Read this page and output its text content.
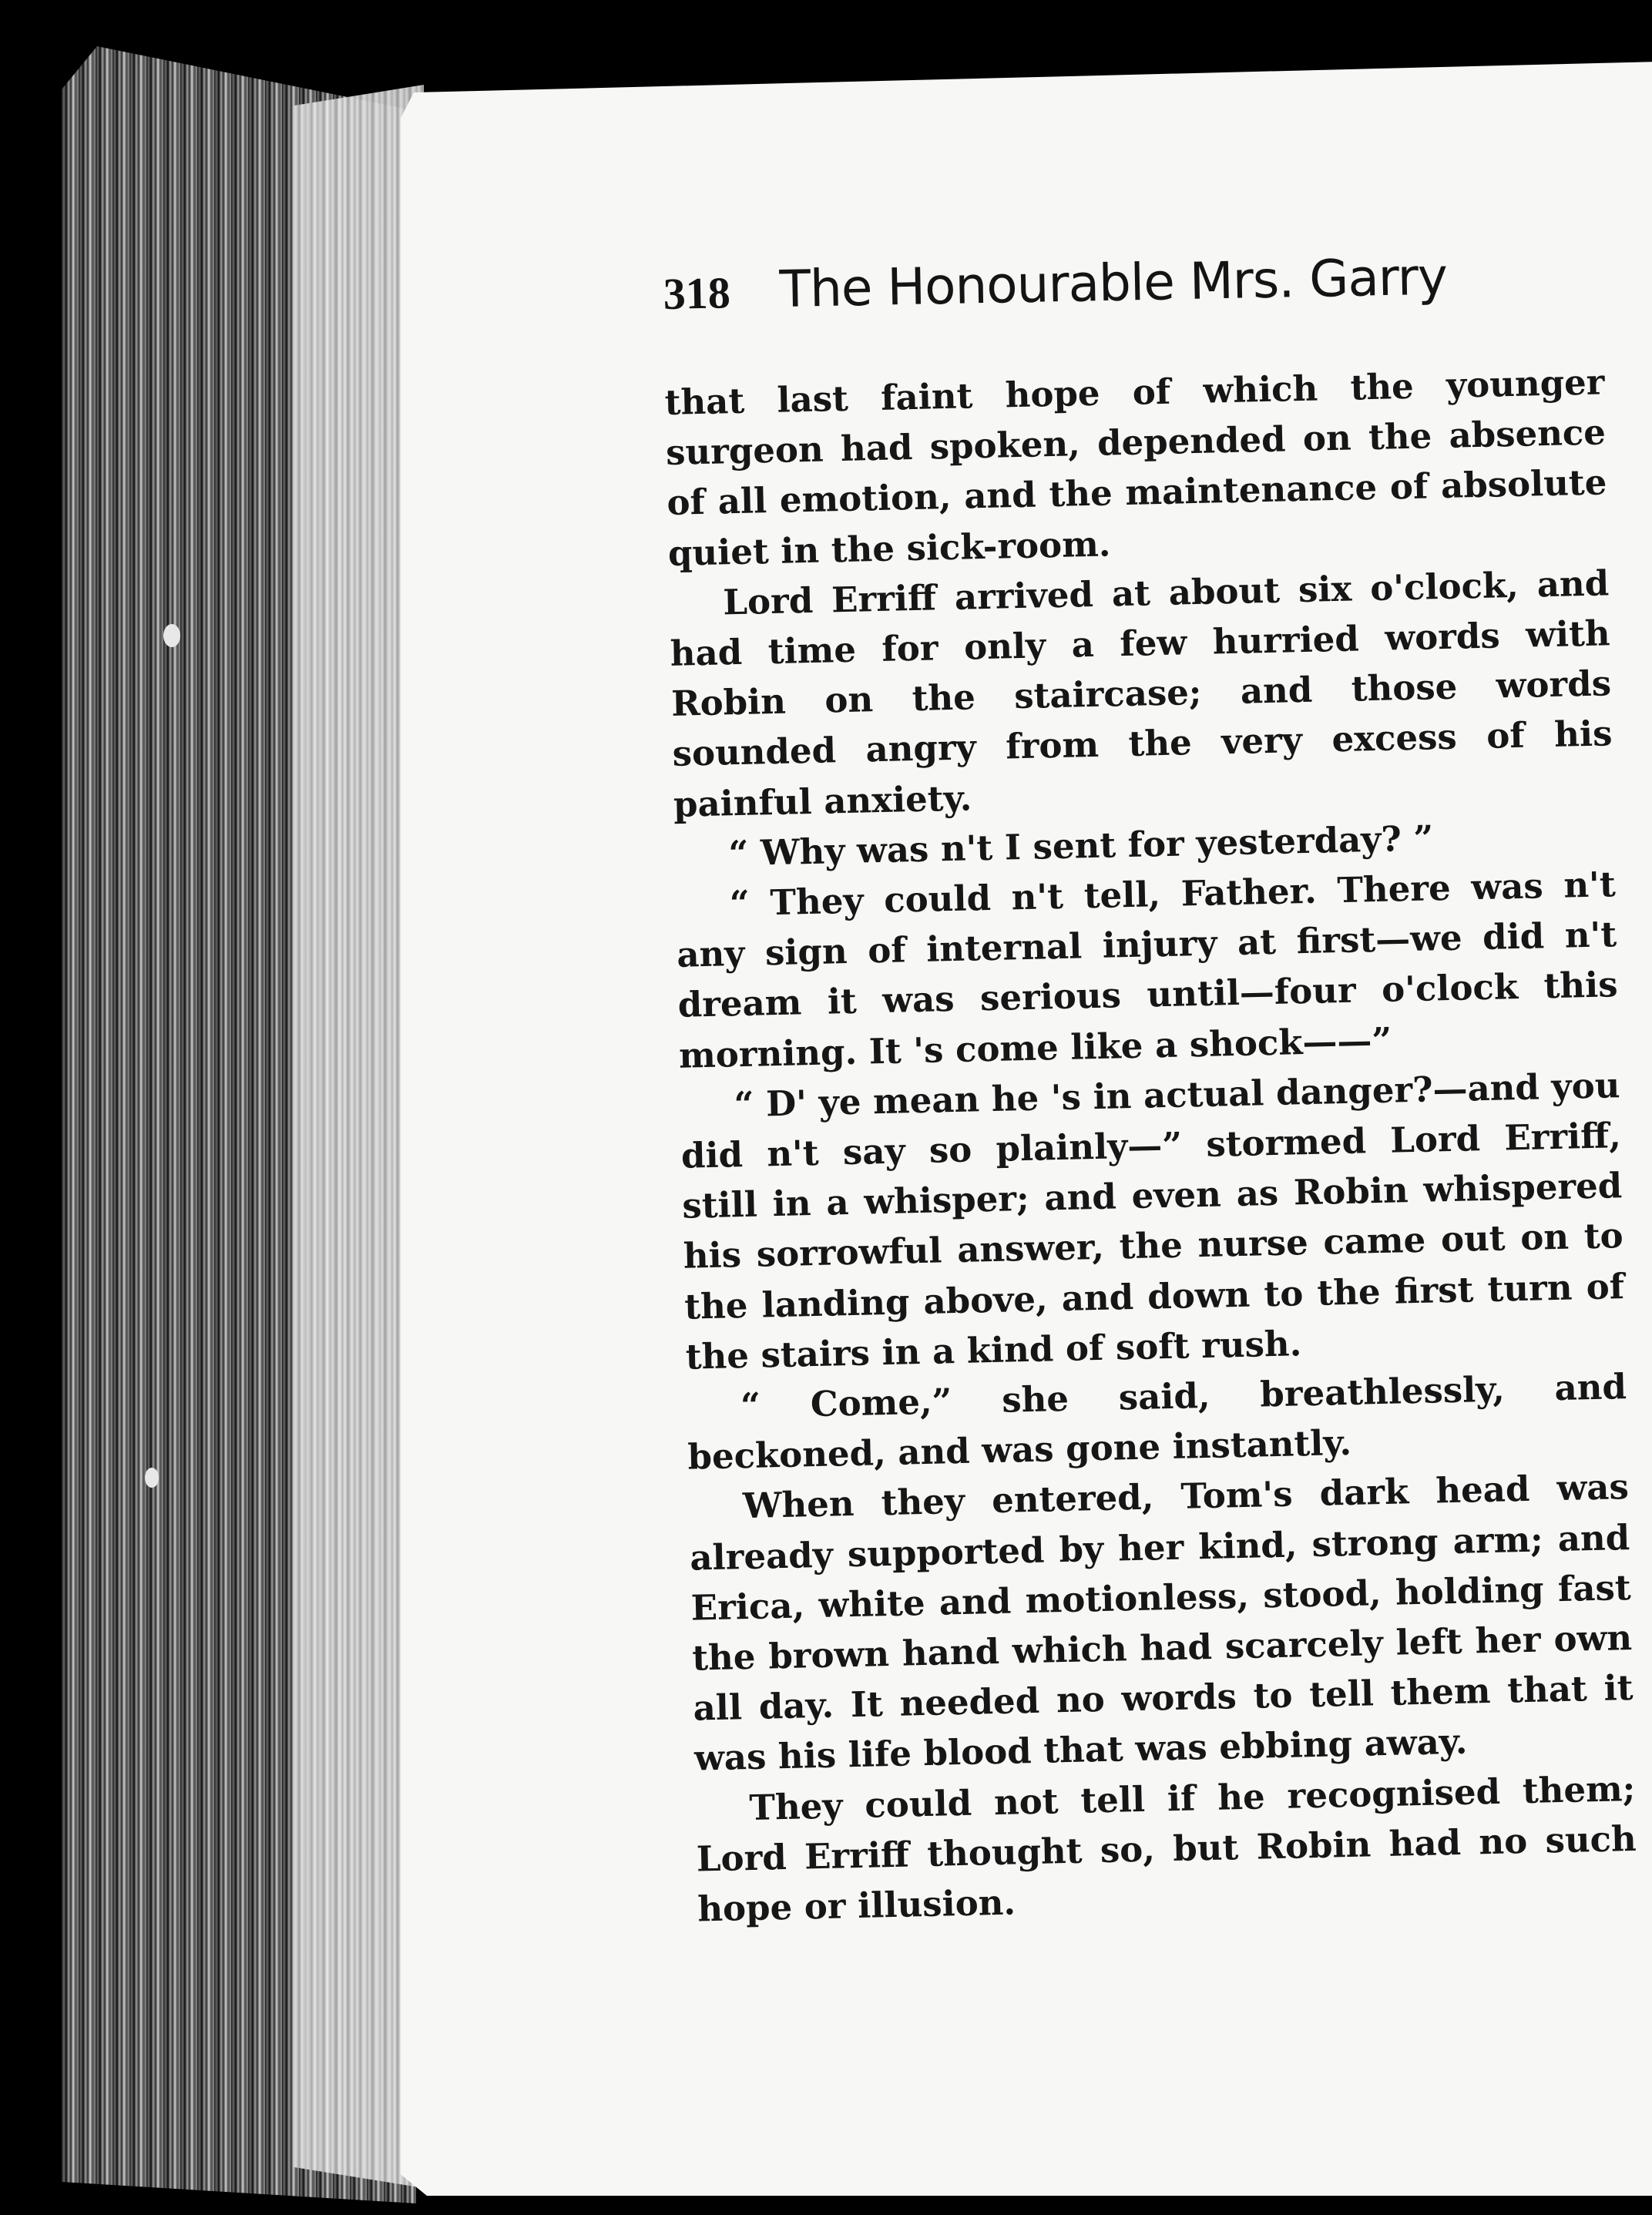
318 The Honourable Mrs. Garry

that last faint hope of which the younger surgeon had spoken, depended on the absence of all emotion, and the maintenance of absolute quiet in the sick-room.

Lord Erriff arrived at about six o'clock, and had time for only a few hurried words with Robin on the staircase; and those words sounded angry from the very excess of his painful anxiety.

“ Why was n't I sent for yesterday? ”

“ They could n't tell, Father. There was n't any sign of internal injury at first—we did n't dream it was serious until—four o'clock this morning. It 's come like a shock——”

“ D' ye mean he 's in actual danger?—and you did n't say so plainly—” stormed Lord Erriff, still in a whisper; and even as Robin whispered his sorrowful answer, the nurse came out on to the landing above, and down to the first turn of the stairs in a kind of soft rush.

“ Come,” she said, breathlessly, and beckoned, and was gone instantly.

When they entered, Tom's dark head was already supported by her kind, strong arm; and Erica, white and motionless, stood, holding fast the brown hand which had scarcely left her own all day. It needed no words to tell them that it was his life blood that was ebbing away.

They could not tell if he recognised them; Lord Erriff thought so, but Robin had no such hope or illusion.
